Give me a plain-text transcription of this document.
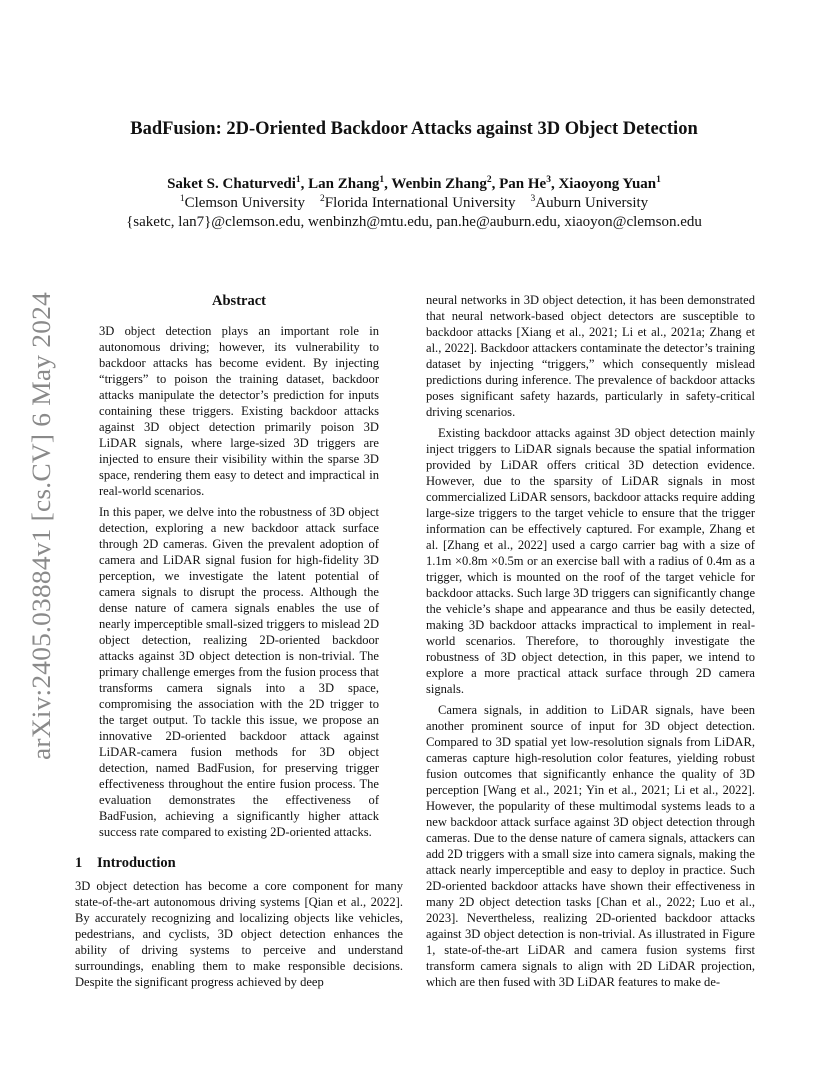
arXiv:2405.03884v1 [cs.CV] 6 May 2024
BadFusion: 2D-Oriented Backdoor Attacks against 3D Object Detection
Saket S. Chaturvedi$^1$, Lan Zhang$^1$, Wenbin Zhang$^2$, Pan He$^3$, Xiaoyong Yuan$^1$
$^1$Clemson University $^2$Florida International University $^3$Auburn University
{saketc, lan7}@clemson.edu, wenbinzh@mtu.edu, pan.he@auburn.edu, xiaoyon@clemson.edu
Abstract

3D object detection plays an important role in autonomous driving; however, its vulnerability to backdoor attacks has become evident. By injecting “triggers” to poison the training dataset, backdoor attacks manipulate the detector’s prediction for inputs containing these triggers. Existing backdoor attacks against 3D object detection primarily poison 3D LiDAR signals, where large-sized 3D triggers are injected to ensure their visibility within the sparse 3D space, rendering them easy to detect and impractical in real-world scenarios.

In this paper, we delve into the robustness of 3D object detection, exploring a new backdoor attack surface through 2D cameras. Given the prevalent adoption of camera and LiDAR signal fusion for high-fidelity 3D perception, we investigate the latent potential of camera signals to disrupt the process. Although the dense nature of camera signals enables the use of nearly imperceptible small-sized triggers to mislead 2D object detection, realizing 2D-oriented backdoor attacks against 3D object detection is non-trivial. The primary challenge emerges from the fusion process that transforms camera signals into a 3D space, compromising the association with the 2D trigger to the target output. To tackle this issue, we propose an innovative 2D-oriented backdoor attack against LiDAR-camera fusion methods for 3D object detection, named BadFusion, for preserving trigger effectiveness throughout the entire fusion process. The evaluation demonstrates the effectiveness of BadFusion, achieving a significantly higher attack success rate compared to existing 2D-oriented attacks.

1 Introduction

3D object detection has become a core component for many state-of-the-art autonomous driving systems [Qian et al., 2022]. By accurately recognizing and localizing objects like vehicles, pedestrians, and cyclists, 3D object detection enhances the ability of driving systems to perceive and understand surroundings, enabling them to make responsible decisions. Despite the significant progress achieved by deep

neural networks in 3D object detection, it has been demonstrated that neural network-based object detectors are susceptible to backdoor attacks [Xiang et al., 2021; Li et al., 2021a; Zhang et al., 2022]. Backdoor attackers contaminate the detector’s training dataset by injecting “triggers,” which consequently mislead predictions during inference. The prevalence of backdoor attacks poses significant safety hazards, particularly in safety-critical driving scenarios.

Existing backdoor attacks against 3D object detection mainly inject triggers to LiDAR signals because the spatial information provided by LiDAR offers critical 3D detection evidence. However, due to the sparsity of LiDAR signals in most commercialized LiDAR sensors, backdoor attacks require adding large-size triggers to the target vehicle to ensure that the trigger information can be effectively captured. For example, Zhang et al. [Zhang et al., 2022] used a cargo carrier bag with a size of 1.1m ×0.8m ×0.5m or an exercise ball with a radius of 0.4m as a trigger, which is mounted on the roof of the target vehicle for backdoor attacks. Such large 3D triggers can significantly change the vehicle’s shape and appearance and thus be easily detected, making 3D backdoor attacks impractical to implement in real-world scenarios. Therefore, to thoroughly investigate the robustness of 3D object detection, in this paper, we intend to explore a more practical attack surface through 2D camera signals.

Camera signals, in addition to LiDAR signals, have been another prominent source of input for 3D object detection. Compared to 3D spatial yet low-resolution signals from LiDAR, cameras capture high-resolution color features, yielding robust fusion outcomes that significantly enhance the quality of 3D perception [Wang et al., 2021; Yin et al., 2021; Li et al., 2022]. However, the popularity of these multimodal systems leads to a new backdoor attack surface against 3D object detection through cameras. Due to the dense nature of camera signals, attackers can add 2D triggers with a small size into camera signals, making the attack nearly imperceptible and easy to deploy in practice. Such 2D-oriented backdoor attacks have shown their effectiveness in many 2D object detection tasks [Chan et al., 2022; Luo et al., 2023]. Nevertheless, realizing 2D-oriented backdoor attacks against 3D object detection is non-trivial. As illustrated in Figure 1, state-of-the-art LiDAR and camera fusion systems first transform camera signals to align with 2D LiDAR projection, which are then fused with 3D LiDAR features to make de-
